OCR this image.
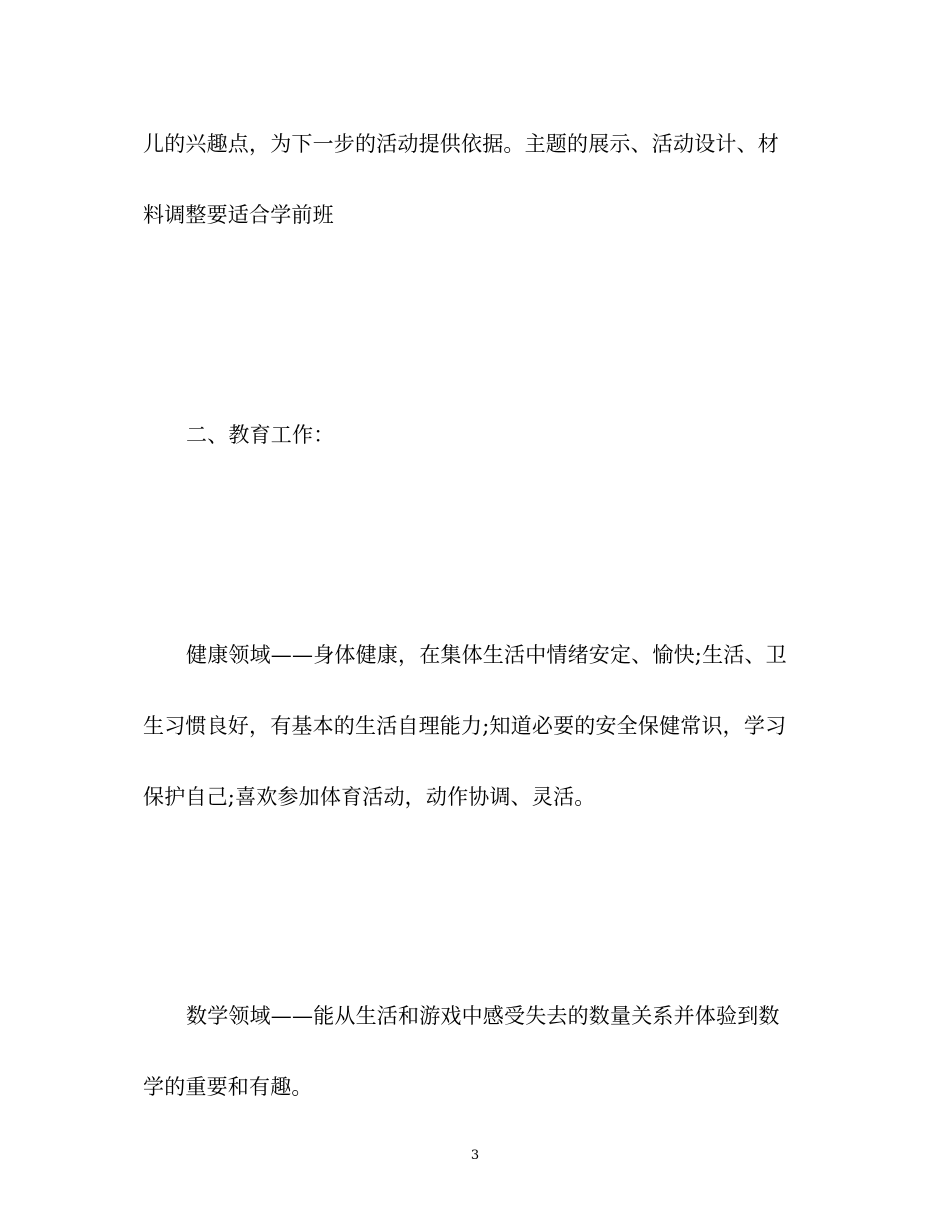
儿的兴趣点，为下一步的活动提供依据。主题的展示、活动设计、材
料调整要适合学前班
二、教育工作：
健康领域——身体健康，在集体生活中情绪安定、愉快;生活、卫
生习惯良好，有基本的生活自理能力;知道必要的安全保健常识，学习
保护自己;喜欢参加体育活动，动作协调、灵活。
数学领域——能从生活和游戏中感受失去的数量关系并体验到数
学的重要和有趣。
3
